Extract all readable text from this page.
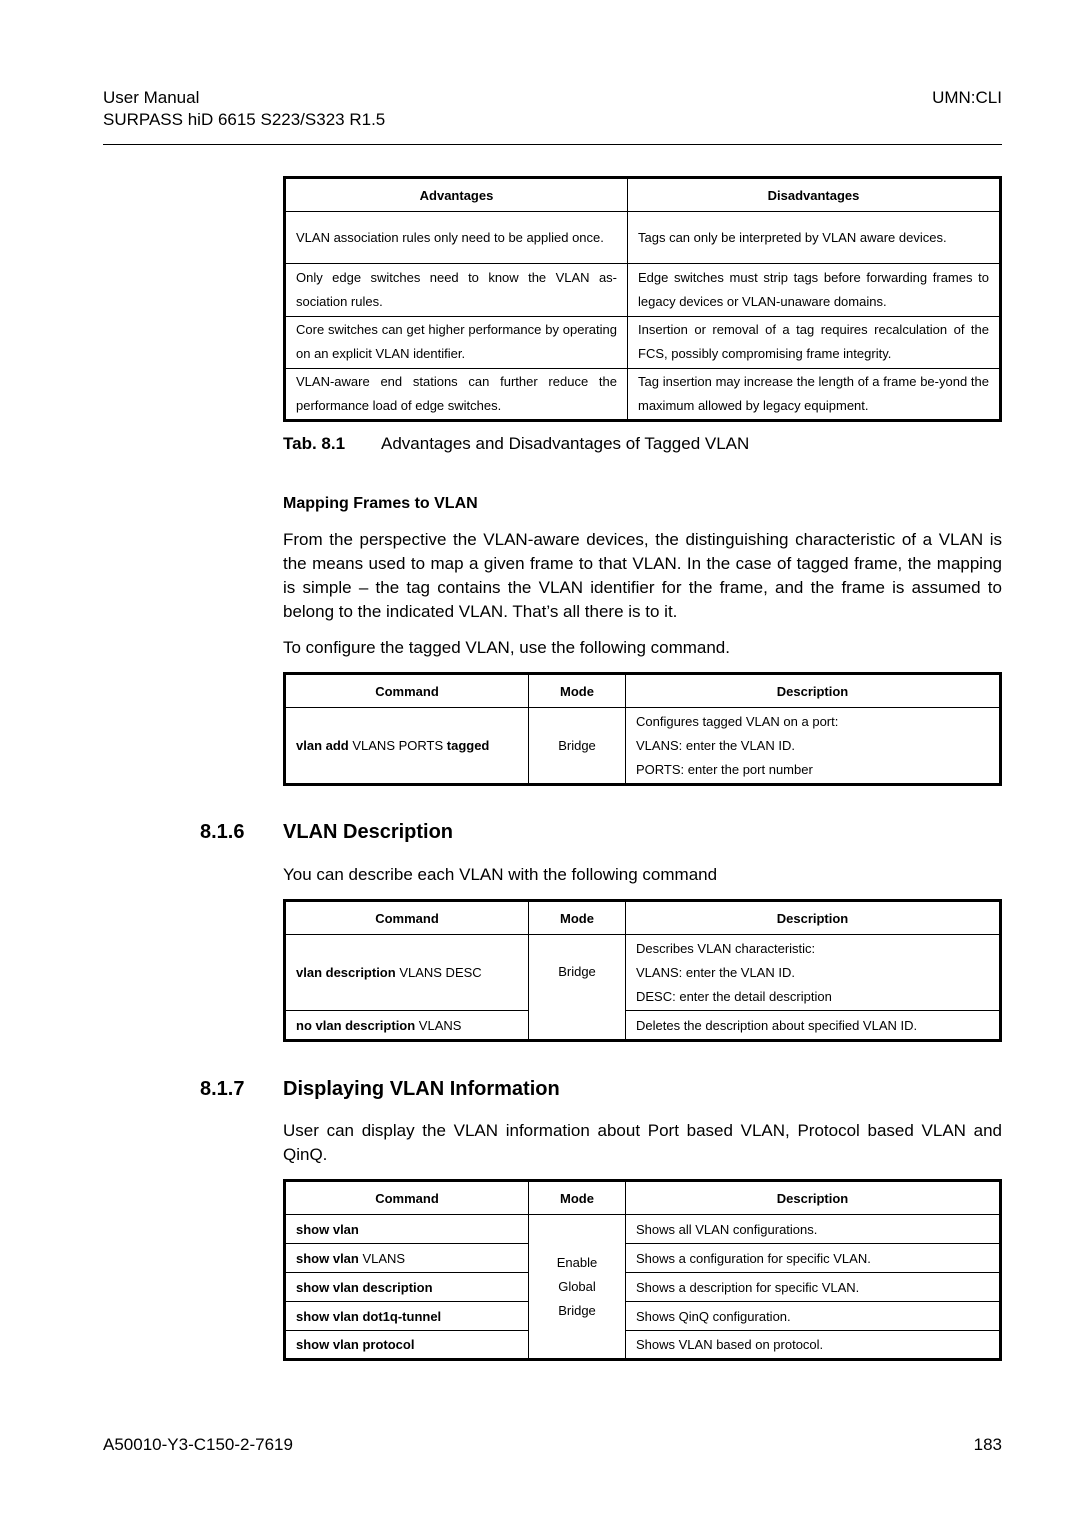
User Manual
SURPASS hiD 6615 S223/S323 R1.5
UMN:CLI
Advantages	Disadvantages
VLAN association rules only need to be applied once.	Tags can only be interpreted by VLAN aware devices.
Only edge switches need to know the VLAN as-sociation rules.	Edge switches must strip tags before forwarding frames to legacy devices or VLAN-unaware domains.
Core switches can get higher performance by operating on an explicit VLAN identifier.	Insertion or removal of a tag requires recalculation of the FCS, possibly compromising frame integrity.
VLAN-aware end stations can further reduce the performance load of edge switches.	Tag insertion may increase the length of a frame be-yond the maximum allowed by legacy equipment.
Tab. 8.1 Advantages and Disadvantages of Tagged VLAN
Mapping Frames to VLAN
From the perspective the VLAN-aware devices, the distinguishing characteristic of a VLAN is the means used to map a given frame to that VLAN. In the case of tagged frame, the mapping is simple – the tag contains the VLAN identifier for the frame, and the frame is assumed to belong to the indicated VLAN. That’s all there is to it.
To configure the tagged VLAN, use the following command.
Command	Mode	Description
vlan add VLANS PORTS tagged	Bridge	Configures tagged VLAN on a port:
VLANS: enter the VLAN ID.
PORTS: enter the port number
8.1.6 VLAN Description
You can describe each VLAN with the following command
Command	Mode	Description
vlan description VLANS DESC	Bridge	Describes VLAN characteristic:
VLANS: enter the VLAN ID.
DESC: enter the detail description

no vlan description VLANS		Deletes the description about specified VLAN ID.
8.1.7 Displaying VLAN Information
User can display the VLAN information about Port based VLAN, Protocol based VLAN and QinQ.
Command	Mode	Description
show vlan	Enable
Global
Bridge	Shows all VLAN configurations.
show vlan VLANS		Shows a configuration for specific VLAN.
show vlan description		Shows a description for specific VLAN.
show vlan dot1q-tunnel		Shows QinQ configuration.
show vlan protocol		Shows VLAN based on protocol.
A50010-Y3-C150-2-7619	183
